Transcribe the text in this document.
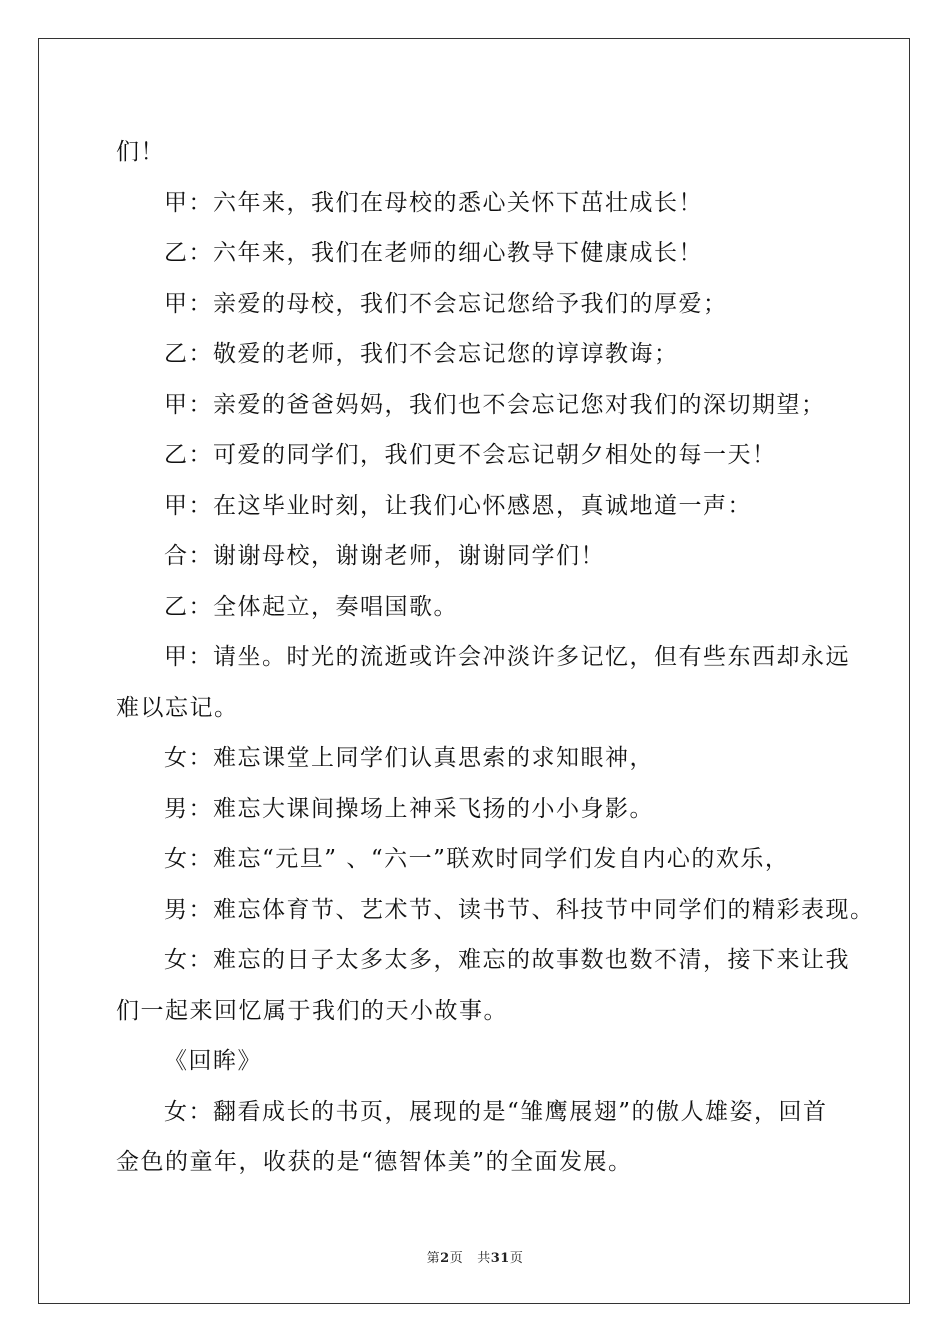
们！
甲：六年来，我们在母校的悉心关怀下茁壮成长！
乙：六年来，我们在老师的细心教导下健康成长！
甲：亲爱的母校，我们不会忘记您给予我们的厚爱；
乙：敬爱的老师，我们不会忘记您的谆谆教诲；
甲：亲爱的爸爸妈妈，我们也不会忘记您对我们的深切期望；
乙：可爱的同学们，我们更不会忘记朝夕相处的每一天！
甲：在这毕业时刻，让我们心怀感恩，真诚地道一声：
合：谢谢母校，谢谢老师，谢谢同学们！
乙：全体起立，奏唱国歌。
甲：请坐。时光的流逝或许会冲淡许多记忆，但有些东西却永远
难以忘记。
女：难忘课堂上同学们认真思索的求知眼神，
男：难忘大课间操场上神采飞扬的小小身影。
女：难忘“元旦” 、“六一”联欢时同学们发自内心的欢乐，
男：难忘体育节、艺术节、读书节、科技节中同学们的精彩表现。
女：难忘的日子太多太多，难忘的故事数也数不清，接下来让我
们一起来回忆属于我们的天小故事。
《回眸》
女：翻看成长的书页，展现的是“雏鹰展翅”的傲人雄姿，回首
金色的童年，收获的是“德智体美”的全面发展。
第2页 共31页
